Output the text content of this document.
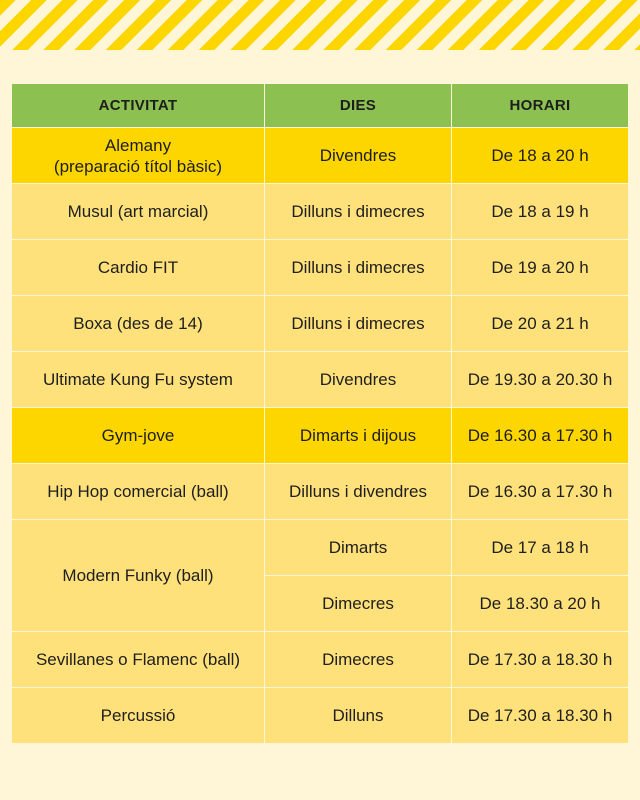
ACTIVITAT	DIES	HORARI

Alemany
(preparació títol bàsic)	Divendres	De 18 a 20 h

Musul (art marcial)	Dilluns i dimecres	De 18 a 19 h

Cardio FIT	Dilluns i dimecres	De 19 a 20 h

Boxa (des de 14)	Dilluns i dimecres	De 20 a 21 h

Ultimate Kung Fu system	Divendres	De 19.30 a 20.30 h

Gym-jove	Dimarts i dijous	De 16.30 a 17.30 h

Hip Hop comercial (ball)	Dilluns i divendres	De 16.30 a 17.30 h

Modern Funky (ball)	Dimarts	De 17 a 18 h
	Dimecres	De 18.30 a 20 h

Sevillanes o Flamenc (ball)	Dimecres	De 17.30 a 18.30 h

Percussió	Dilluns	De 17.30 a 18.30 h
